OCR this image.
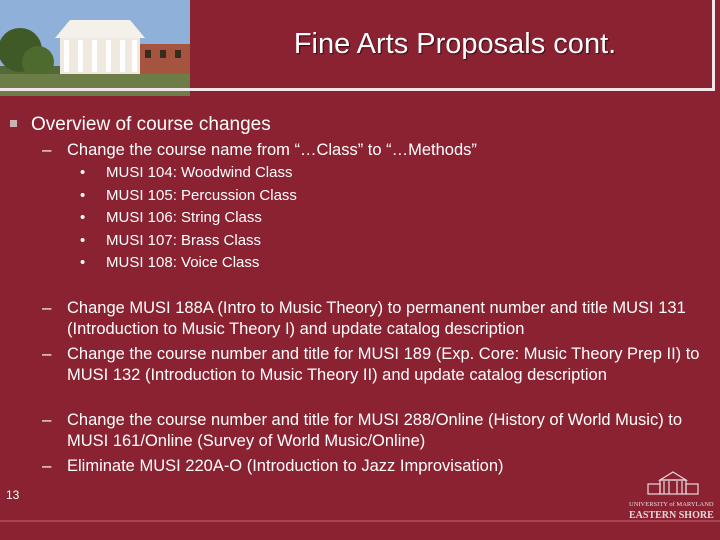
Fine Arts Proposals cont.
Overview of course changes
– Change the course name from “…Class” to “…Methods”
• MUSI 104: Woodwind Class
• MUSI 105: Percussion Class
• MUSI 106: String Class
• MUSI 107: Brass Class
• MUSI 108: Voice Class
– Change MUSI 188A (Intro to Music Theory) to permanent number and title MUSI 131 (Introduction to Music Theory I) and update catalog description
– Change the course number and title for MUSI 189 (Exp. Core: Music Theory Prep II) to MUSI 132 (Introduction to Music Theory II) and update catalog description
– Change the course number and title for MUSI 288/Online (History of World Music) to MUSI 161/Online (Survey of World Music/Online)
– Eliminate MUSI 220A-O (Introduction to Jazz Improvisation)
13
UNIVERSITY of MARYLAND
EASTERN SHORE
